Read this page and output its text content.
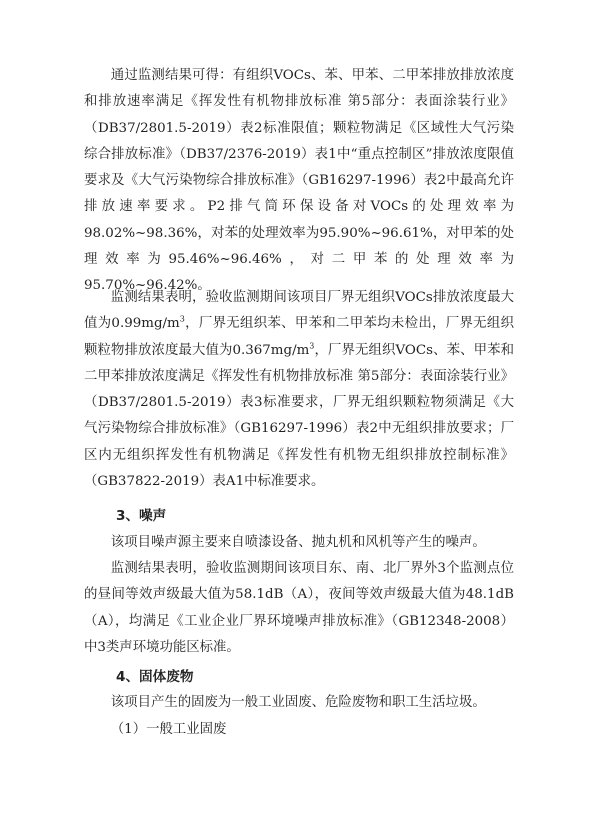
通过监测结果可得：有组织VOCs、苯、甲苯、二甲苯排放排放浓度和排放速率满足《挥发性有机物排放标准 第5部分：表面涂装行业》（DB37/2801.5-2019）表2标准限值；颗粒物满足《区域性大气污染综合排放标准》（DB37/2376-2019）表1中“重点控制区”排放浓度限值要求及《大气污染物综合排放标准》（GB16297-1996）表2中最高允许排放速率要求。P2排气筒环保设备对VOCs的处理效率为98.02%~98.36%，对苯的处理效率为95.90%~96.61%，对甲苯的处理效率为95.46%~96.46%，对二甲苯的处理效率为95.70%~96.42%。

监测结果表明，验收监测期间该项目厂界无组织VOCs排放浓度最大值为$0.99mg/m^3$，厂界无组织苯、甲苯和二甲苯均未检出，厂界无组织颗粒物排放浓度最大值为$0.367mg/m^3$，厂界无组织VOCs、苯、甲苯和二甲苯排放浓度满足《挥发性有机物排放标准 第5部分：表面涂装行业》（DB37/2801.5-2019）表3标准要求，厂界无组织颗粒物须满足《大气污染物综合排放标准》（GB16297-1996）表2中无组织排放要求；厂区内无组织挥发性有机物满足《挥发性有机物无组织排放控制标准》（GB37822-2019）表A1中标准要求。

3、噪声

该项目噪声源主要来自喷漆设备、抛丸机和风机等产生的噪声。

监测结果表明，验收监测期间该项目东、南、北厂界外3个监测点位的昼间等效声级最大值为58.1dB（A），夜间等效声级最大值为48.1dB（A），均满足《工业企业厂界环境噪声排放标准》（GB12348-2008）中3类声环境功能区标准。

4、固体废物

该项目产生的固废为一般工业固废、危险废物和职工生活垃圾。

（1）一般工业固废
